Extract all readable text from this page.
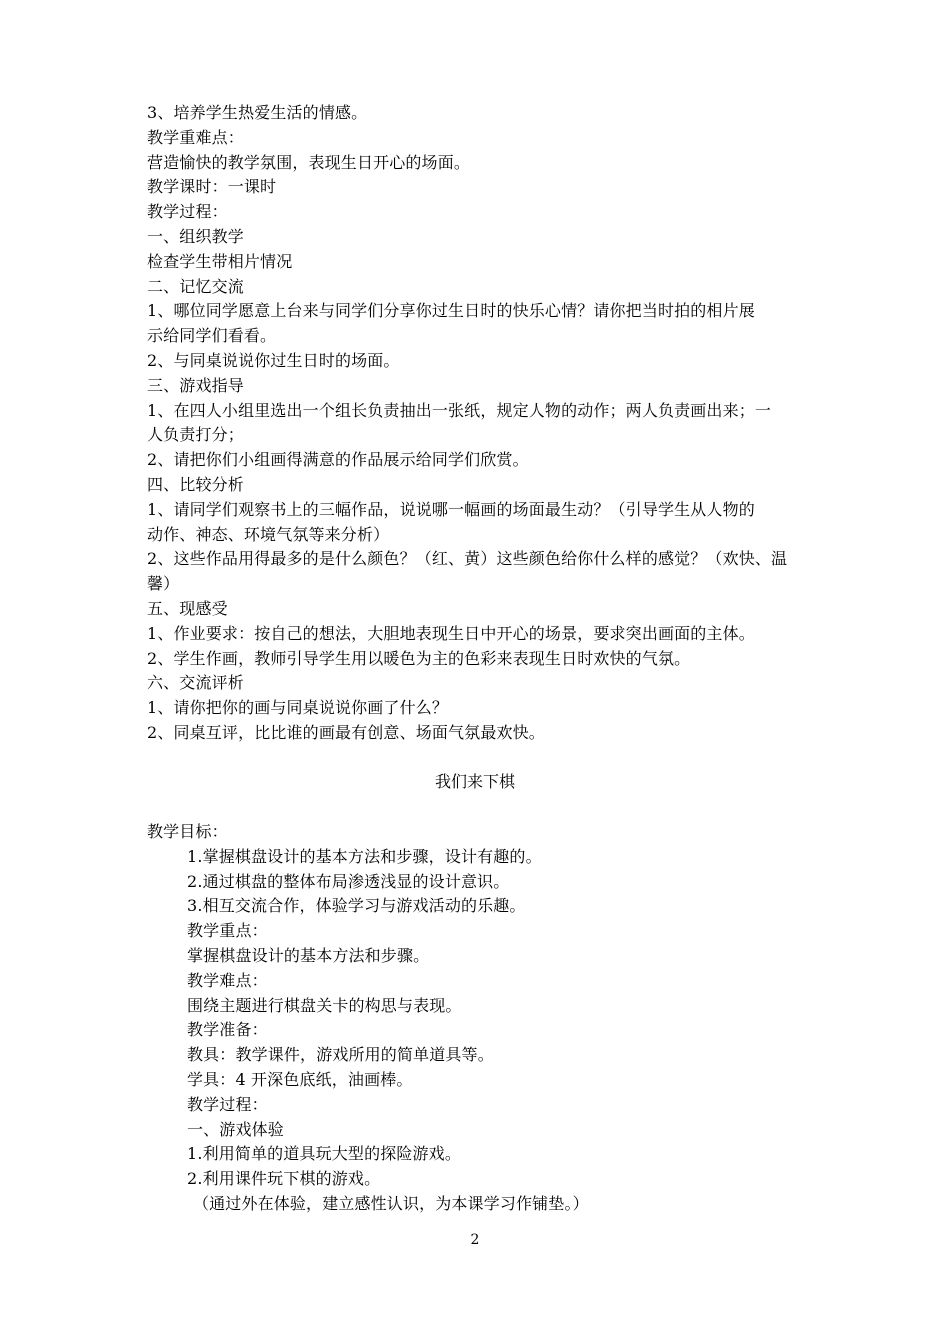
3、培养学生热爱生活的情感。
教学重难点：
营造愉快的教学氛围，表现生日开心的场面。
教学课时：一课时
教学过程：
一、组织教学
检查学生带相片情况
二、记忆交流
1、哪位同学愿意上台来与同学们分享你过生日时的快乐心情？请你把当时拍的相片展
示给同学们看看。
2、与同桌说说你过生日时的场面。
三、游戏指导
1、在四人小组里选出一个组长负责抽出一张纸，规定人物的动作；两人负责画出来；一
人负责打分；
2、请把你们小组画得满意的作品展示给同学们欣赏。
四、比较分析
1、请同学们观察书上的三幅作品，说说哪一幅画的场面最生动？（引导学生从人物的
动作、神态、环境气氛等来分析）
2、这些作品用得最多的是什么颜色？（红、黄）这些颜色给你什么样的感觉？（欢快、温
馨）
五、现感受
1、作业要求：按自己的想法，大胆地表现生日中开心的场景，要求突出画面的主体。
2、学生作画，教师引导学生用以暖色为主的色彩来表现生日时欢快的气氛。
六、交流评析
1、请你把你的画与同桌说说你画了什么？
2、同桌互评，比比谁的画最有创意、场面气氛最欢快。
我们来下棋
教学目标：
1.掌握棋盘设计的基本方法和步骤，设计有趣的。
2.通过棋盘的整体布局渗透浅显的设计意识。
3.相互交流合作，体验学习与游戏活动的乐趣。
教学重点：
掌握棋盘设计的基本方法和步骤。
教学难点：
围绕主题进行棋盘关卡的构思与表现。
教学准备：
教具：教学课件，游戏所用的简单道具等。
学具：4 开深色底纸，油画棒。
教学过程：
一、游戏体验
1.利用简单的道具玩大型的探险游戏。
2.利用课件玩下棋的游戏。
（通过外在体验，建立感性认识，为本课学习作铺垫。）
2
